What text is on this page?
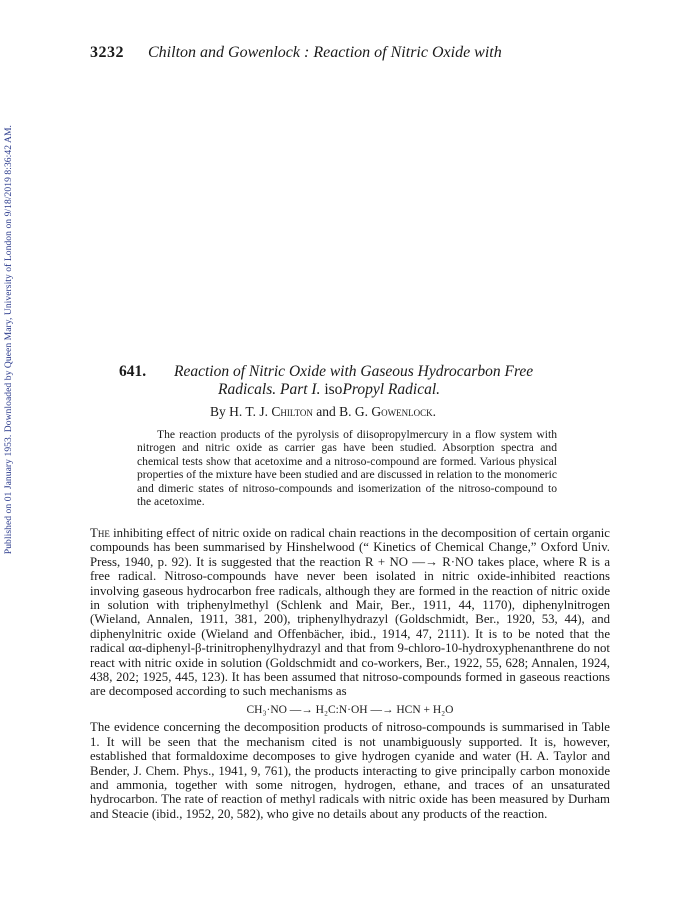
Published on 01 January 1953. Downloaded by Queen Mary, University of London on 9/18/2019 8:36:42 AM.
3232 Chilton and Gowenlock : Reaction of Nitric Oxide with
641. Reaction of Nitric Oxide with Gaseous Hydrocarbon Free
Radicals. Part I. isoPropyl Radical.
By H. T. J. Chilton and B. G. Gowenlock.
The reaction products of the pyrolysis of diisopropylmercury in a flow system with nitrogen and nitric oxide as carrier gas have been studied. Absorption spectra and chemical tests show that acetoxime and a nitroso-compound are formed. Various physical properties of the mixture have been studied and are discussed in relation to the monomeric and dimeric states of nitroso-compounds and isomerization of the nitroso-compound to the acetoxime.

The inhibiting effect of nitric oxide on radical chain reactions in the decomposition of certain organic compounds has been summarised by Hinshelwood (“ Kinetics of Chemical Change,” Oxford Univ. Press, 1940, p. 92). It is suggested that the reaction R + NO —→ R·NO takes place, where R is a free radical. Nitroso-compounds have never been isolated in nitric oxide-inhibited reactions involving gaseous hydrocarbon free radicals, although they are formed in the reaction of nitric oxide in solution with triphenylmethyl (Schlenk and Mair, Ber., 1911, 44, 1170), diphenylnitrogen (Wieland, Annalen, 1911, 381, 200), triphenylhydrazyl (Goldschmidt, Ber., 1920, 53, 44), and diphenylnitric oxide (Wieland and Offenbächer, ibid., 1914, 47, 2111). It is to be noted that the radical αα-diphenyl-β-trinitrophenylhydrazyl and that from 9-chloro-10-hydroxyphenanthrene do not react with nitric oxide in solution (Goldschmidt and co-workers, Ber., 1922, 55, 628; Annalen, 1924, 438, 202; 1925, 445, 123). It has been assumed that nitroso-compounds formed in gaseous reactions are decomposed according to such mechanisms as

CH₃·NO —→ H₂C:N·OH —→ HCN + H₂O

The evidence concerning the decomposition products of nitroso-compounds is summarised in Table 1. It will be seen that the mechanism cited is not unambiguously supported. It is, however, established that formaldoxime decomposes to give hydrogen cyanide and water (H. A. Taylor and Bender, J. Chem. Phys., 1941, 9, 761), the products interacting to give principally carbon monoxide and ammonia, together with some nitrogen, hydrogen, ethane, and traces of an unsaturated hydrocarbon. The rate of reaction of methyl radicals with nitric oxide has been measured by Durham and Steacie (ibid., 1952, 20, 582), who give no details about any products of the reaction.
